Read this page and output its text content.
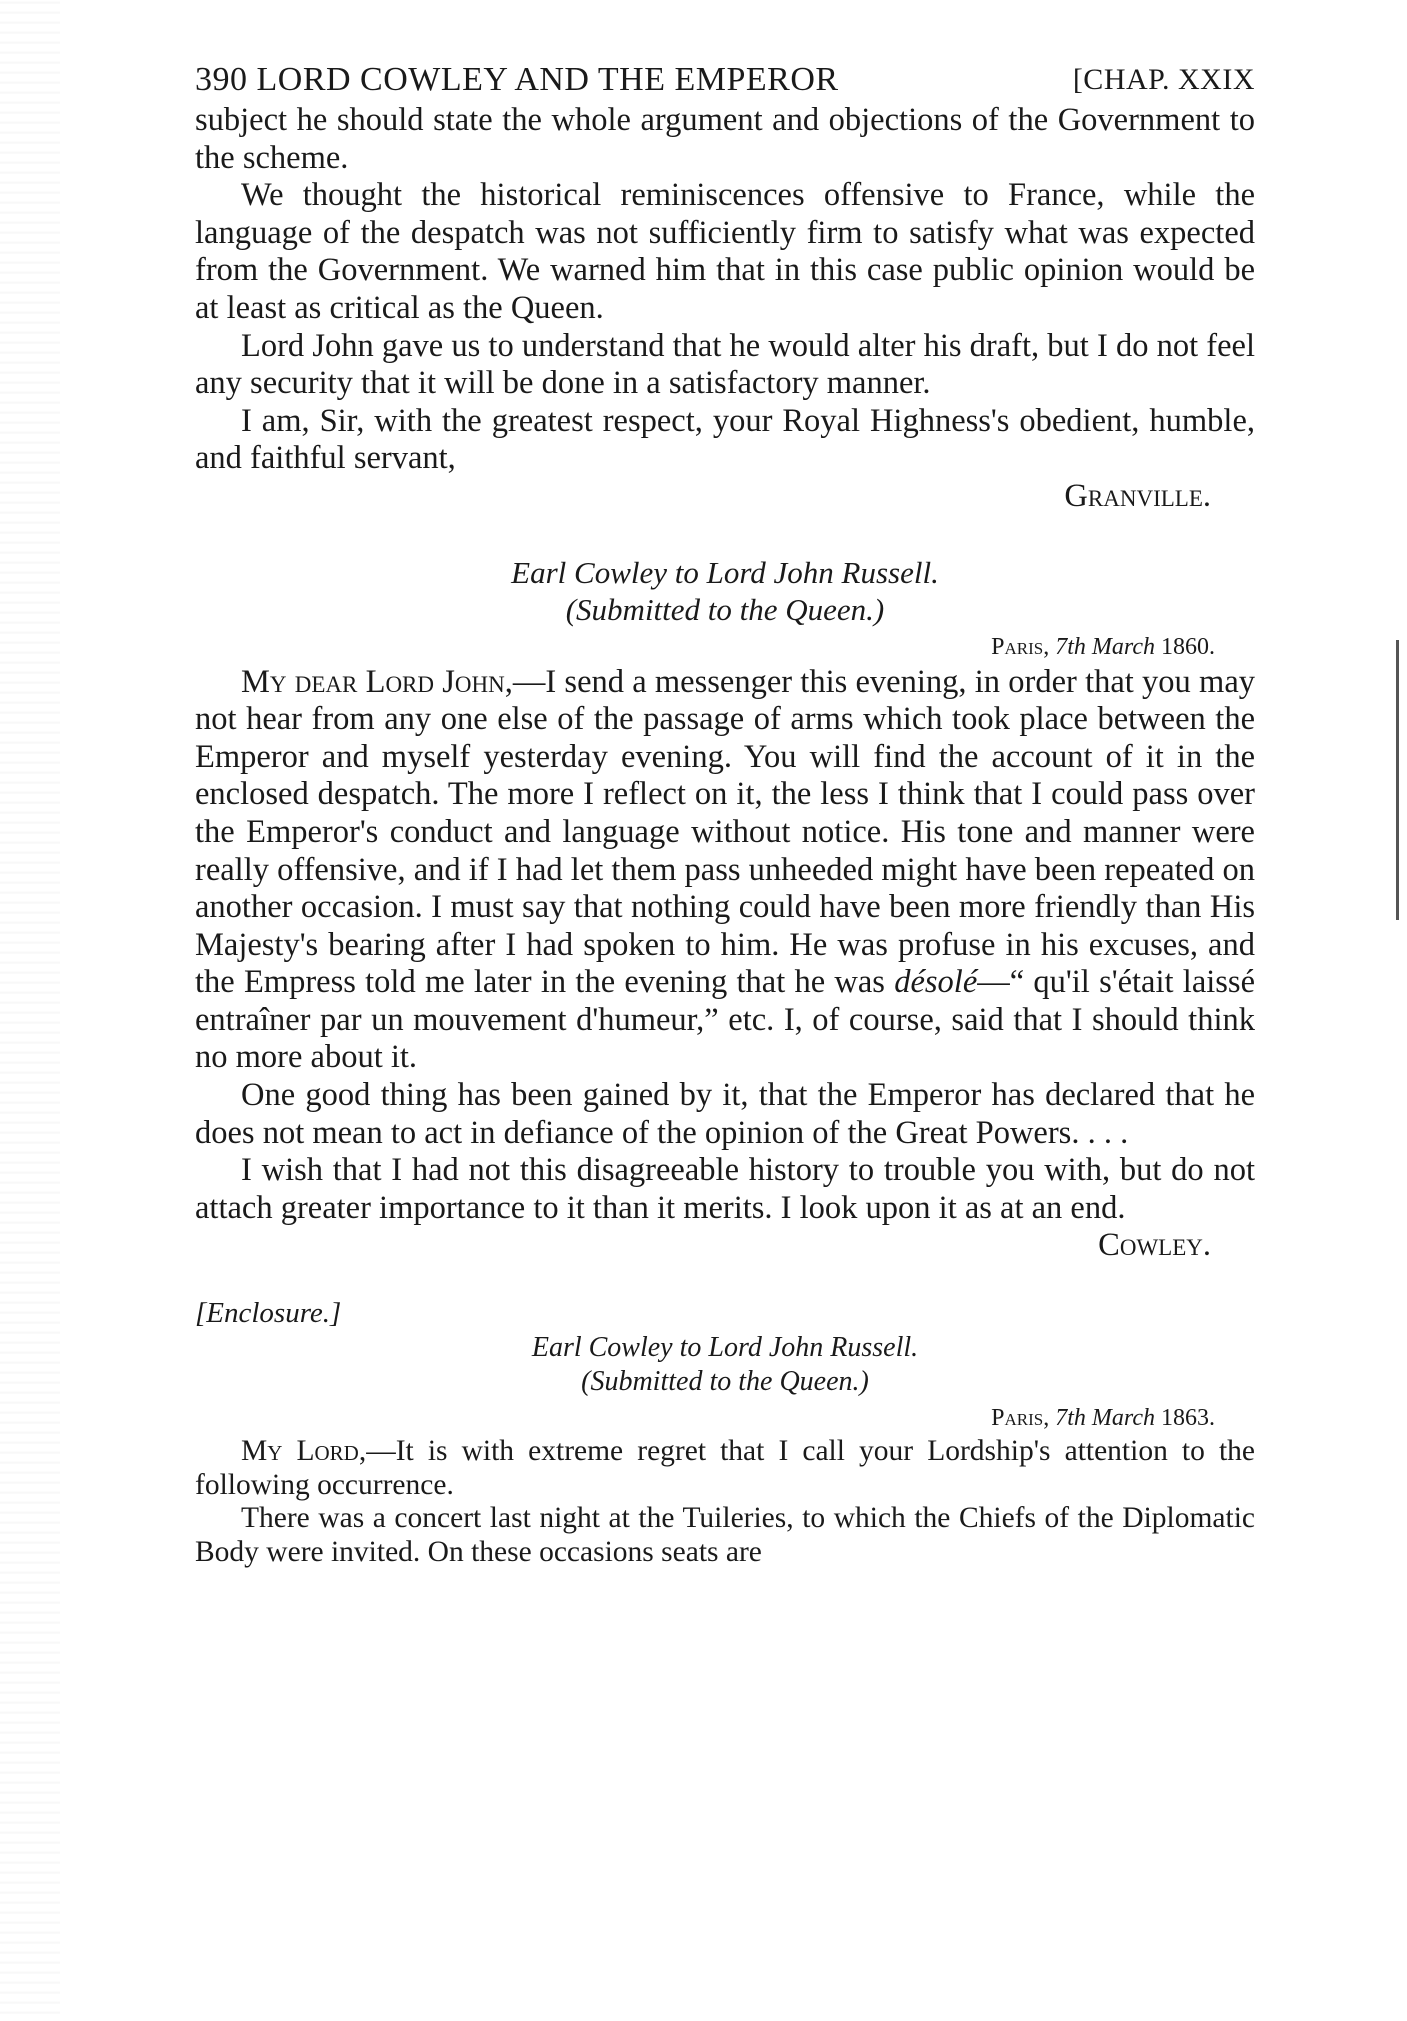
390 LORD COWLEY AND THE EMPEROR	[CHAP. XXIX

subject he should state the whole argument and objections of the Government to the scheme.

We thought the historical reminiscences offensive to France, while the language of the despatch was not sufficiently firm to satisfy what was expected from the Government. We warned him that in this case public opinion would be at least as critical as the Queen.

Lord John gave us to understand that he would alter his draft, but I do not feel any security that it will be done in a satisfactory manner.

I am, Sir, with the greatest respect, your Royal Highness's obedient, humble, and faithful servant,

Granville.

Earl Cowley to Lord John Russell.

(Submitted to the Queen.)

Paris, 7th March 1860.

My dear Lord John,—I send a messenger this evening, in order that you may not hear from any one else of the passage of arms which took place between the Emperor and myself yesterday evening. You will find the account of it in the enclosed despatch. The more I reflect on it, the less I think that I could pass over the Emperor's conduct and language without notice. His tone and manner were really offensive, and if I had let them pass unheeded might have been repeated on another occasion. I must say that nothing could have been more friendly than His Majesty's bearing after I had spoken to him. He was profuse in his excuses, and the Empress told me later in the evening that he was désolé—“ qu'il s'était laissé entraîner par un mouvement d'humeur,” etc. I, of course, said that I should think no more about it.

One good thing has been gained by it, that the Emperor has declared that he does not mean to act in defiance of the opinion of the Great Powers. . . .

I wish that I had not this disagreeable history to trouble you with, but do not attach greater importance to it than it merits. I look upon it as at an end.

Cowley.

[Enclosure.]

Earl Cowley to Lord John Russell.

(Submitted to the Queen.)

Paris, 7th March 1863.

My Lord,—It is with extreme regret that I call your Lordship's attention to the following occurrence.

There was a concert last night at the Tuileries, to which the Chiefs of the Diplomatic Body were invited. On these occasions seats are
